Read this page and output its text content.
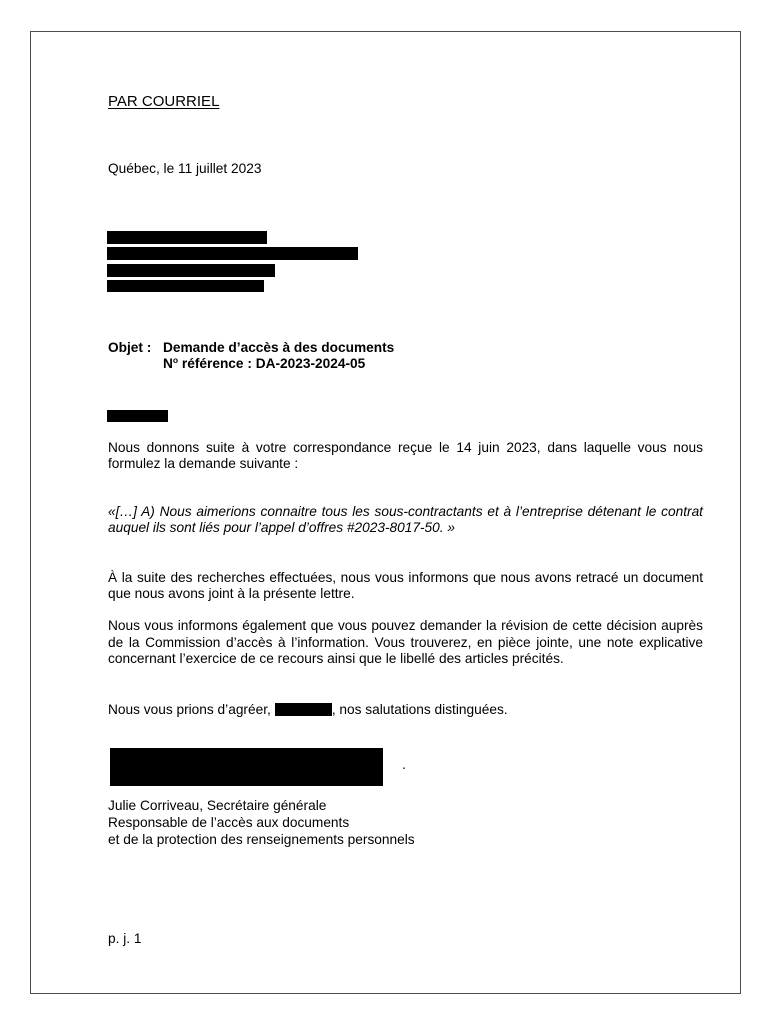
PAR COURRIEL
Québec, le 11 juillet 2023
Objet : Demande d’accès à des documents
$N^o$ référence : DA-2023-2024-05
Nous donnons suite à votre correspondance reçue le 14 juin 2023, dans laquelle vous nous
formulez la demande suivante :
«[…] A) Nous aimerions connaitre tous les sous-contractants et à l’entreprise détenant le contrat
auquel ils sont liés pour l’appel d’offres #2023-8017-50. »
À la suite des recherches effectuées, nous vous informons que nous avons retracé un document
que nous avons joint à la présente lettre.
Nous vous informons également que vous pouvez demander la révision de cette décision auprès
de la Commission d’accès à l’information. Vous trouverez, en pièce jointe, une note explicative
concernant l’exercice de ce recours ainsi que le libellé des articles précités.
Nous vous prions d’agréer,	, nos salutations distinguées.
.
Julie Corriveau, Secrétaire générale
Responsable de l’accès aux documents
et de la protection des renseignements personnels
p. j. 1
